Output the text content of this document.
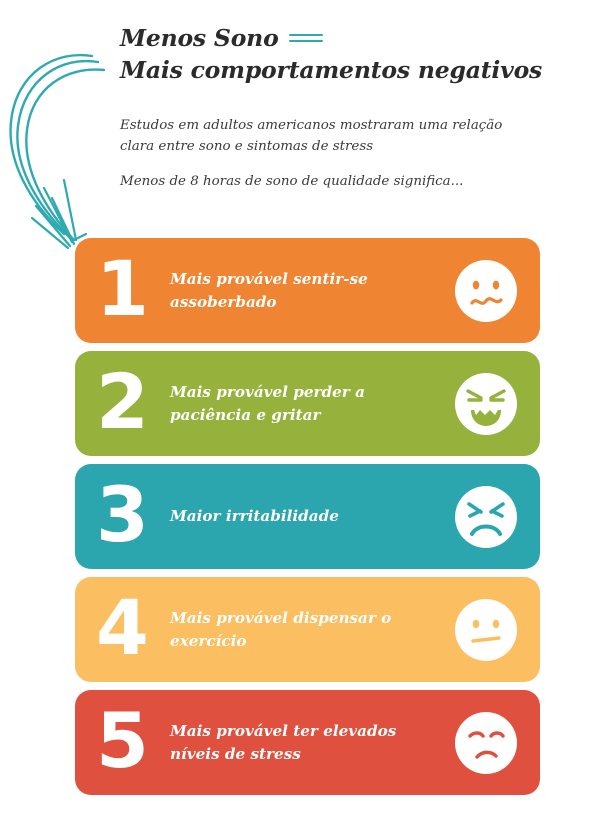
Menos Sono
Mais comportamentos negativos
Estudos em adultos americanos mostraram uma relação clara entre sono e sintomas de stress
Menos de 8 horas de sono de qualidade significa...
1	Mais provável sentir-se assoberbado
2	Mais provável perder a paciência e gritar
3	Maior irritabilidade
4	Mais provável dispensar o exercício
5	Mais provável ter elevados níveis de stress
